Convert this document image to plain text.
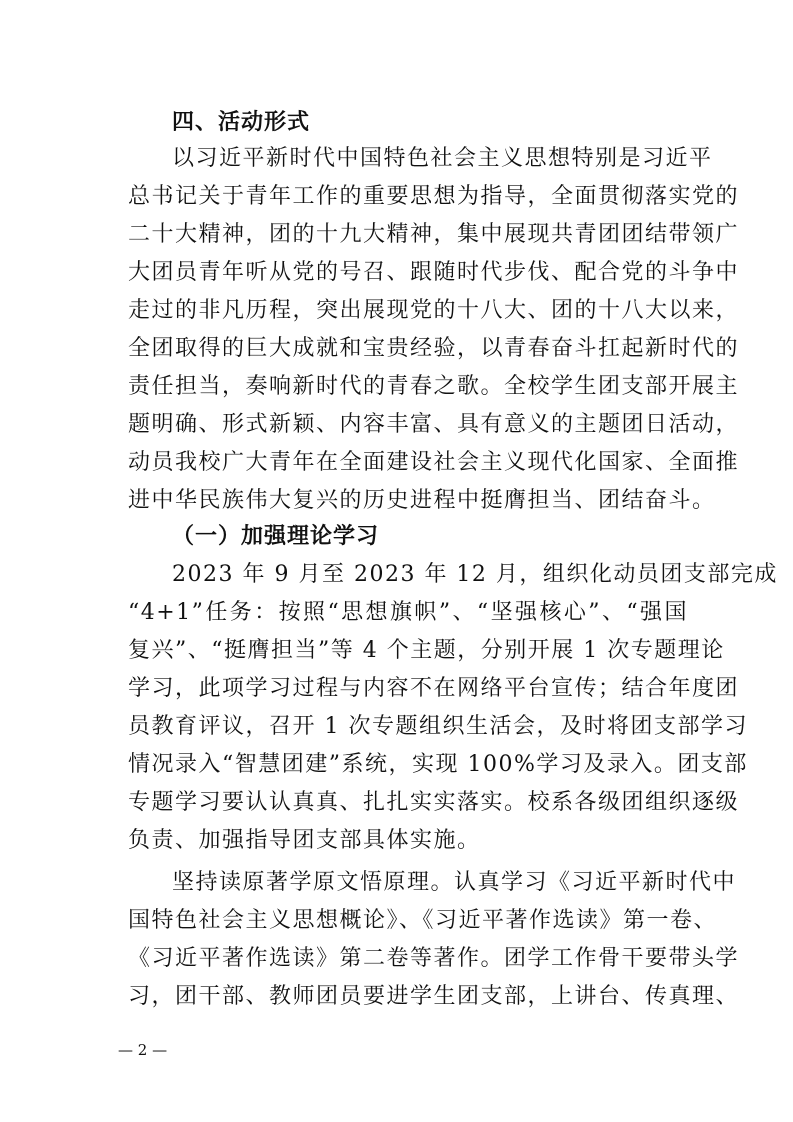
四、活动形式
以习近平新时代中国特色社会主义思想特别是习近平
总书记关于青年工作的重要思想为指导，全面贯彻落实党的
二十大精神，团的十九大精神，集中展现共青团团结带领广
大团员青年听从党的号召、跟随时代步伐、配合党的斗争中
走过的非凡历程，突出展现党的十八大、团的十八大以来，
全团取得的巨大成就和宝贵经验，以青春奋斗扛起新时代的
责任担当，奏响新时代的青春之歌。全校学生团支部开展主
题明确、形式新颖、内容丰富、具有意义的主题团日活动，
动员我校广大青年在全面建设社会主义现代化国家、全面推
进中华民族伟大复兴的历史进程中挺膺担当、团结奋斗。
（一）加强理论学习
2023 年 9 月至 2023 年 12 月，组织化动员团支部完成
“4+1”任务：按照“思想旗帜”、“坚强核心”、“强国
复兴”、“挺膺担当”等 4 个主题，分别开展 1 次专题理论
学习，此项学习过程与内容不在网络平台宣传；结合年度团
员教育评议，召开 1 次专题组织生活会，及时将团支部学习
情况录入“智慧团建”系统，实现 100%学习及录入。团支部
专题学习要认认真真、扎扎实实落实。校系各级团组织逐级
负责、加强指导团支部具体实施。
坚持读原著学原文悟原理。认真学习《习近平新时代中
国特色社会主义思想概论》、《习近平著作选读》第一卷、
《习近平著作选读》第二卷等著作。团学工作骨干要带头学
习，团干部、教师团员要进学生团支部，上讲台、传真理、
— 2 —
